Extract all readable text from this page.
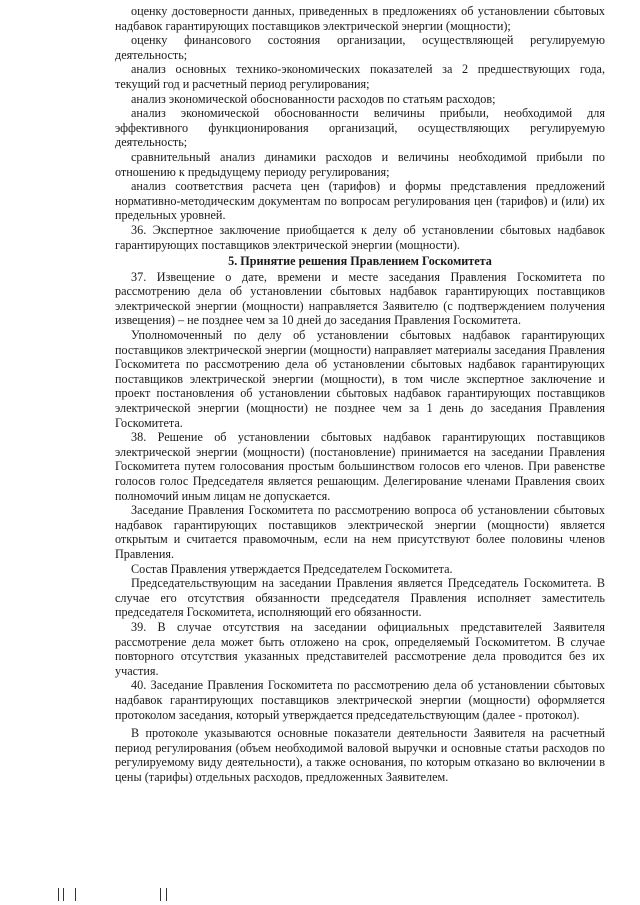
оценку достоверности данных, приведенных в предложениях об установлении сбытовых надбавок гарантирующих поставщиков электрической энергии (мощности);

оценку финансового состояния организации, осуществляющей регулируемую деятельность;

анализ основных технико-экономических показателей за 2 предшествующих года, текущий год и расчетный период регулирования;

анализ экономической обоснованности расходов по статьям расходов;

анализ экономической обоснованности величины прибыли, необходимой для эффективного функционирования организаций, осуществляющих регулируемую деятельность;

сравнительный анализ динамики расходов и величины необходимой прибыли по отношению к предыдущему периоду регулирования;

анализ соответствия расчета цен (тарифов) и формы представления предложений нормативно-методическим документам по вопросам регулирования цен (тарифов) и (или) их предельных уровней.

36. Экспертное заключение приобщается к делу об установлении сбытовых надбавок гарантирующих поставщиков электрической энергии (мощности).

5. Принятие решения Правлением Госкомитета

37. Извещение о дате, времени и месте заседания Правления Госкомитета по рассмотрению дела об установлении сбытовых надбавок гарантирующих поставщиков электрической энергии (мощности) направляется Заявителю (с подтверждением получения извещения) – не позднее чем за 10 дней до заседания Правления Госкомитета.

Уполномоченный по делу об установлении сбытовых надбавок гарантирующих поставщиков электрической энергии (мощности) направляет материалы заседания Правления Госкомитета по рассмотрению дела об установлении сбытовых надбавок гарантирующих поставщиков электрической энергии (мощности), в том числе экспертное заключение и проект постановления об установлении сбытовых надбавок гарантирующих поставщиков электрической энергии (мощности) не позднее чем за 1 день до заседания Правления Госкомитета.

38. Решение об установлении сбытовых надбавок гарантирующих поставщиков электрической энергии (мощности) (постановление) принимается на заседании Правления Госкомитета путем голосования простым большинством голосов его членов. При равенстве голосов голос Председателя является решающим. Делегирование членами Правления своих полномочий иным лицам не допускается.

Заседание Правления Госкомитета по рассмотрению вопроса об установлении сбытовых надбавок гарантирующих поставщиков электрической энергии (мощности) является открытым и считается правомочным, если на нем присутствуют более половины членов Правления.

Состав Правления утверждается Председателем Госкомитета.

Председательствующим на заседании Правления является Председатель Госкомитета. В случае его отсутствия обязанности председателя Правления исполняет заместитель председателя Госкомитета, исполняющий его обязанности.

39. В случае отсутствия на заседании официальных представителей Заявителя рассмотрение дела может быть отложено на срок, определяемый Госкомитетом. В случае повторного отсутствия указанных представителей рассмотрение дела проводится без их участия.

40. Заседание Правления Госкомитета по рассмотрению дела об установлении сбытовых надбавок гарантирующих поставщиков электрической энергии (мощности) оформляется протоколом заседания, который утверждается председательствующим (далее - протокол).

В протоколе указываются основные показатели деятельности Заявителя на расчетный период регулирования (объем необходимой валовой выручки и основные статьи расходов по регулируемому виду деятельности), а также основания, по которым отказано во включении в цены (тарифы) отдельных расходов, предложенных Заявителем.
